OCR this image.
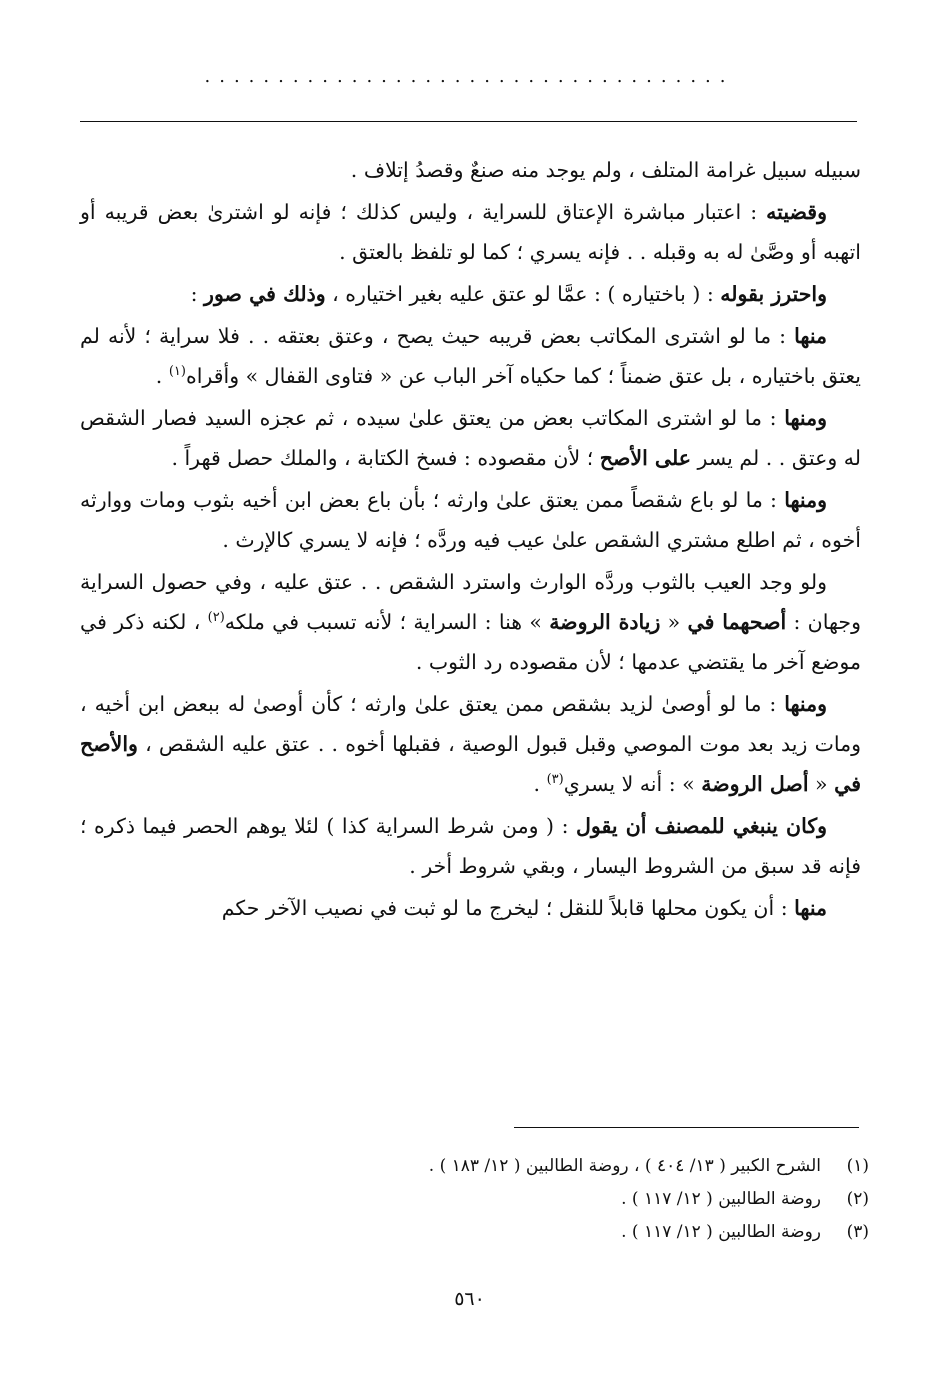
....................................

سبيله سبيل غرامة المتلف ، ولم يوجد منه صنعٌ وقصدُ إتلاف .

وقضيته : اعتبار مباشرة الإعتاق للسراية ، وليس كذلك ؛ فإنه لو اشترىٰ بعض قريبه أو اتهبه أو وصَّىٰ له به وقبله . . فإنه يسري ؛ كما لو تلفظ بالعتق .

واحترز بقوله : ( باختياره ) : عمَّا لو عتق عليه بغير اختياره ، وذلك في صور :

منها : ما لو اشترى المكاتب بعض قريبه حيث يصح ، وعتق بعتقه . . فلا سراية ؛ لأنه لم يعتق باختياره ، بل عتق ضمناً ؛ كما حكياه آخر الباب عن « فتاوى القفال » وأقراه$^{(١)}$ .

ومنها : ما لو اشترى المكاتب بعض من يعتق علىٰ سيده ، ثم عجزه السيد فصار الشقص له وعتق . . لم يسر على الأصح ؛ لأن مقصوده : فسخ الكتابة ، والملك حصل قهراً .

ومنها : ما لو باع شقصاً ممن يعتق علىٰ وارثه ؛ بأن باع بعض ابن أخيه بثوب ومات ووارثه أخوه ، ثم اطلع مشتري الشقص علىٰ عيب فيه وردَّه ؛ فإنه لا يسري كالإرث .

ولو وجد العيب بالثوب وردَّه الوارث واسترد الشقص . . عتق عليه ، وفي حصول السراية وجهان : أصحهما في « زيادة الروضة » هنا : السراية ؛ لأنه تسبب في ملكه$^{(٢)}$ ، لكنه ذكر في موضع آخر ما يقتضي عدمها ؛ لأن مقصوده رد الثوب .

ومنها : ما لو أوصىٰ لزيد بشقص ممن يعتق علىٰ وارثه ؛ كأن أوصىٰ له ببعض ابن أخيه ، ومات زيد بعد موت الموصي وقبل قبول الوصية ، فقبلها أخوه . . عتق عليه الشقص ، والأصح في « أصل الروضة » : أنه لا يسري$^{(٣)}$ .

وكان ينبغي للمصنف أن يقول : ( ومن شرط السراية كذا ) لئلا يوهم الحصر فيما ذكره ؛ فإنه قد سبق من الشروط اليسار ، وبقي شروط أخر .

منها : أن يكون محلها قابلاً للنقل ؛ ليخرج ما لو ثبت في نصيب الآخر حكم

(١)الشرح الكبير ( ١٣/ ٤٠٤ ) ، روضة الطالبين ( ١٢/ ١٨٣ ) .
(٢)روضة الطالبين ( ١٢/ ١١٧ ) .
(٣)روضة الطالبين ( ١٢/ ١١٧ ) .
٥٦٠
